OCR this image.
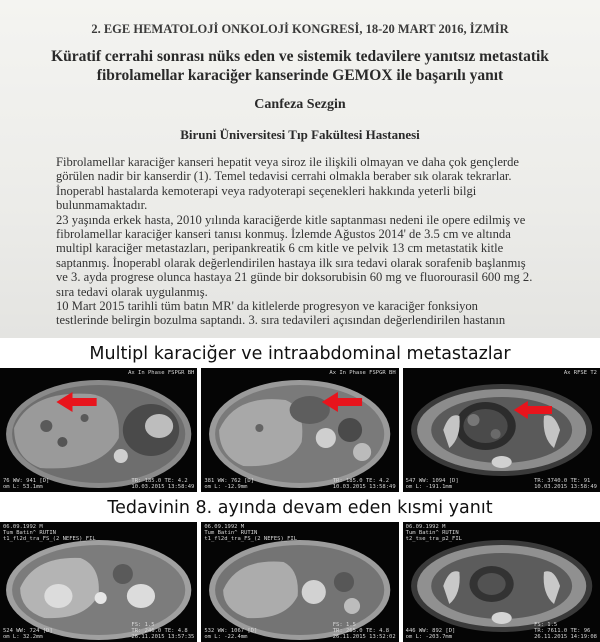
2. EGE HEMATOLOJİ ONKOLOJİ KONGRESİ, 18-20 MART 2016, İZMİR
Küratif cerrahi sonrası nüks eden ve sistemik tedavilere yanıtsız metastatik
fibrolamellar karaciğer kanserinde GEMOX ile başarılı yanıt
Canfeza Sezgin
Biruni Üniversitesi Tıp Fakültesi Hastanesi
Fibrolamellar karaciğer kanseri hepatit veya siroz ile ilişkili olmayan ve daha çok gençlerde
görülen nadir bir kanserdir (1). Temel tedavisi cerrahi olmakla beraber sık olarak tekrarlar.
İnoperabl hastalarda kemoterapi veya radyoterapi seçenekleri hakkında yeterli bilgi
bulunmamaktadır.
23 yaşında erkek hasta, 2010 yılında karaciğerde kitle saptanması nedeni ile opere edilmiş ve
fibrolamellar karaciğer kanseri tanısı konmuş. İzlemde Ağustos 2014' de 3.5 cm ve altında
multipl karaciğer metastazları, peripankreatik 6 cm kitle ve pelvik 13 cm metastatik kitle
saptanmış. İnoperabl olarak değerlendirilen hastaya ilk sıra tedavi olarak sorafenib başlanmış
ve 3. ayda progrese olunca hastaya 21 günde bir doksorubisin 60 mg ve fluorourasil 600 mg 2.
sıra tedavi olarak uygulanmış.
10 Mart 2015 tarihli tüm batın MR' da kitlelerde progresyon ve karaciğer fonksiyon
testlerinde belirgin bozulma saptandı. 3. sıra tedavileri açısından değerlendirilen hastanın
Multipl karaciğer ve intraabdominal metastazlar
Ax In Phase FSPGR BH
76 WW: 941 [D]
om L: 53.1mm
TR: 185.0 TE: 4.2
10.03.2015 13:58:49
Ax In Phase FSPGR BH
381 WW: 762 [D]
om L: -12.9mm
TR: 185.0 TE: 4.2
10.03.2015 13:58:49
Ax RFSE T2
547 WW: 1094 [D]
om L: -191.1mm
TR: 3740.0 TE: 91
10.03.2015 13:58:49
Tedavinin 8. ayında devam eden kısmi yanıt
06.09.1992 M
Tum Batin^ RUTIN
t1_fl2d_tra_FS_(2 NEFES)_FIL
524 WW: 724 [D]
om L: 32.2mm
FS: 1.5
TR: 246.0 TE: 4.8
26.11.2015 13:57:35
06.09.1992 M
Tum Batin^ RUTIN
t1_fl2d_tra_FS_(2 NEFES)_FIL
532 WW: 1067 [D]
om L: -22.4mm
FS: 1.5
TR: 265.0 TE: 4.8
26.11.2015 13:52:02
06.09.1992 M
Tum Batin^ RUTIN
t2_tse_tra_p2_FIL
446 WW: 892 [D]
om L: -203.7mm
FS: 1.5
TR: 7611.0 TE: 96
26.11.2015 14:19:08
